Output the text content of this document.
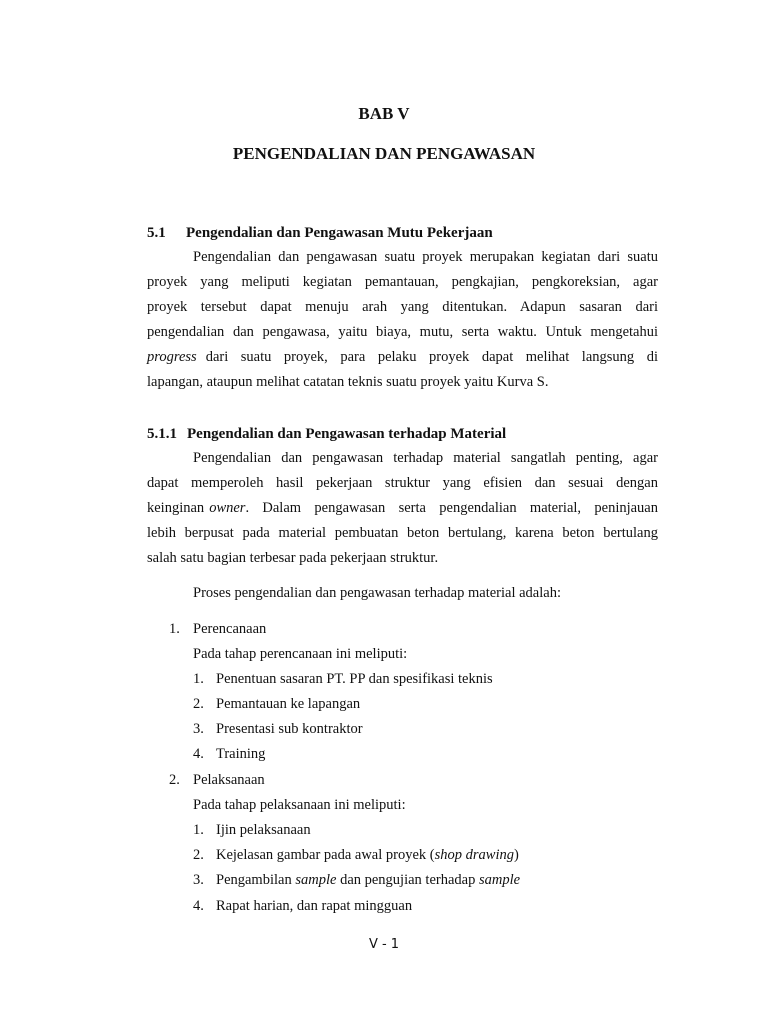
BAB V
PENGENDALIAN DAN PENGAWASAN
5.1 Pengendalian dan Pengawasan Mutu Pekerjaan
Pengendalian dan pengawasan suatu proyek merupakan kegiatan dari suatu
proyek yang meliputi kegiatan pemantauan, pengkajian, pengkoreksian, agar
proyek tersebut dapat menuju arah yang ditentukan. Adapun sasaran dari
pengendalian dan pengawasa, yaitu biaya, mutu, serta waktu. Untuk mengetahui
progress dari suatu proyek, para pelaku proyek dapat melihat langsung di
lapangan, ataupun melihat catatan teknis suatu proyek yaitu Kurva S.
5.1.1 Pengendalian dan Pengawasan terhadap Material
Pengendalian dan pengawasan terhadap material sangatlah penting, agar
dapat memperoleh hasil pekerjaan struktur yang efisien dan sesuai dengan
keinginan owner . Dalam pengawasan serta pengendalian material, peninjauan
lebih berpusat pada material pembuatan beton bertulang, karena beton bertulang
salah satu bagian terbesar pada pekerjaan struktur.
Proses pengendalian dan pengawasan terhadap material adalah:
1. Perencanaan
Pada tahap perencanaan ini meliputi:
1. Penentuan sasaran PT. PP dan spesifikasi teknis
2. Pemantauan ke lapangan
3. Presentasi sub kontraktor
4. Training
2. Pelaksanaan
Pada tahap pelaksanaan ini meliputi:
1. Ijin pelaksanaan
2. Kejelasan gambar pada awal proyek (shop drawing)
3. Pengambilan sample dan pengujian terhadap sample
4. Rapat harian, dan rapat mingguan
V - 1
